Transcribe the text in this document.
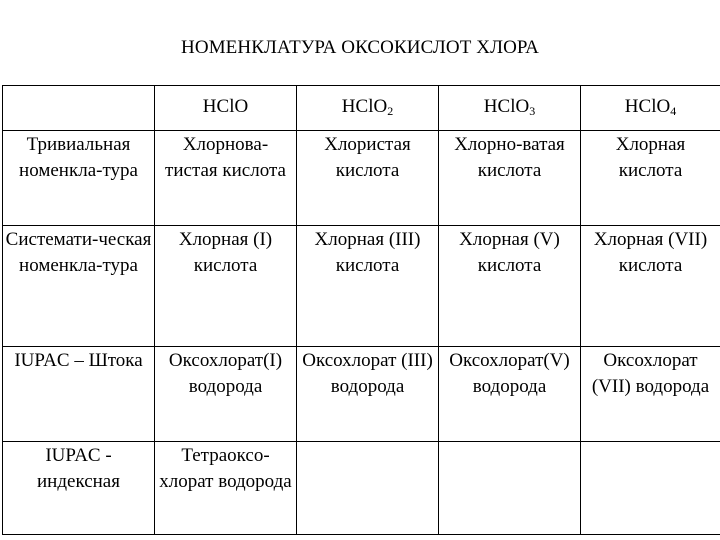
НОМЕНКЛАТУРА ОКСОКИСЛОТ ХЛОРА
	HClO	HClO2	HClO3	HClO4
Тривиальная номенкла-тура	Хлорнова-тистая кислота	Хлористая кислота	Хлорно-ватая кислота	Хлорная кислота
Системати-ческая номенкла-тура	Хлорная (I) кислота	Хлорная (III) кислота	Хлорная (V) кислота	Хлорная (VII) кислота
IUPAC – Штока	Оксохлорат(I) водорода	Оксохлорат (III) водорода	Оксохлорат(V) водорода	Оксохлорат (VII) водорода
IUPAC - индексная	Тетраоксо-хлорат водорода			
